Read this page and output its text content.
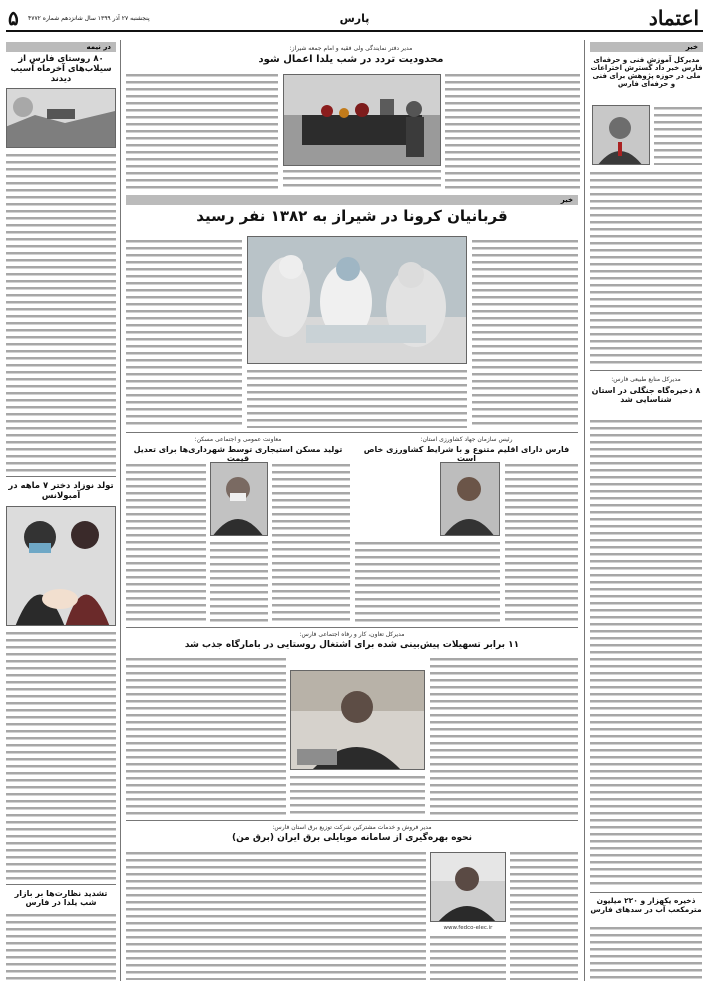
اعتماد
پارس
پنجشنبه ۲۷ آذر ۱۳۹۹ سال شانزدهم شماره ۴۷۷۲
۵
خبر
مدیرکل آموزش فنی و حرفه‌ای فارس خبر داد گسترش اختراعات ملی در حوزه پژوهش برای فنی و حرفه‌ای فارس
مدیرکل منابع طبیعی فارس:
۸ ذخیره‌گاه جنگلی در استان شناسایی شد
ذخیره یکهزار و ۲۲۰ میلیون مترمکعب آب در سدهای فارس
مدیر دفتر نمایندگی ولی فقیه و امام جمعه شیراز:
محدودیت تردد در شب یلدا اعمال شود
خبر
قربانیان کرونا در شیراز به ۱۳۸۲ نفر رسید
در نیمه
۸۰ روستای فارس از سیلاب‌های آخرماه آسیب دیدند
تولد نوزاد دختر ۷ ماهه در آمبولانس
تشدید نظارت‌ها بر بازار شب یلدا در فارس
رئیس سازمان جهاد کشاورزی استان:
فارس دارای اقلیم متنوع و با شرایط کشاورزی خاص است
معاونت عمومی و اجتماعی مسکن:
تولید مسکن استیجاری توسط شهرداری‌ها برای تعدیل قیمت
مدیرکل تعاون، کار و رفاه اجتماعی فارس:
۱۱ برابر تسهیلات پیش‌بینی شده برای اشتغال روستایی در بامارگاه جذب شد
مدیر فروش و خدمات مشترکین شرکت توزیع برق استان فارس:
نحوه بهره‌گیری از سامانه موبایلی برق ایران (برق من)
www.fedco-elec.ir
